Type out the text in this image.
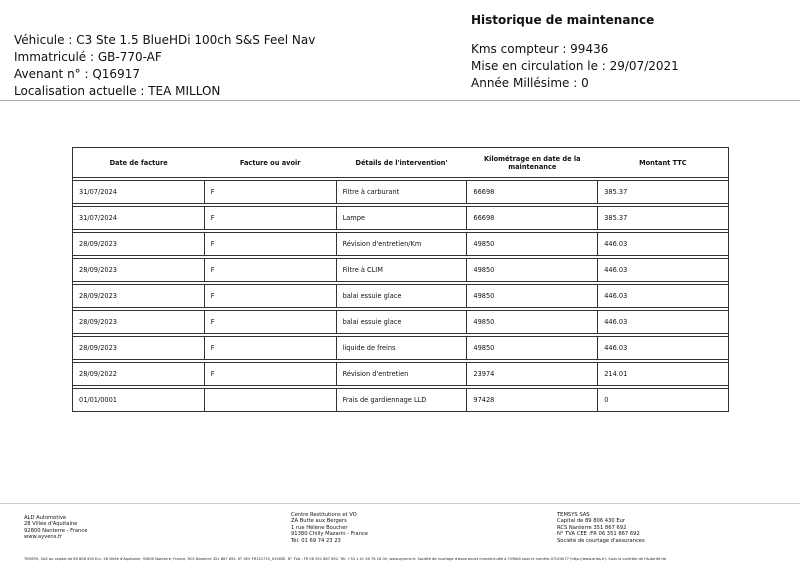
Véhicule : C3 Ste 1.5 BlueHDi 100ch S&S Feel Nav
Immatriculé : GB-770-AF
Avenant n° : Q16917
Localisation actuelle : TEA MILLON
Historique de maintenance
Kms compteur : 99436
Mise en circulation le : 29/07/2021
Année Millésime : 0
Date de facture	Facture ou avoir	Détails de l'intervention'	Kilométrage en date de la maintenance	Montant TTC

31/07/2024	F	Filtre à carburant	66698	385.37

31/07/2024	F	Lampe	66698	385.37

28/09/2023	F	Révision d'entretien/Km	49850	446.03

28/09/2023	F	Filtre à CLIM	49850	446.03

28/09/2023	F	balai essuie glace	49850	446.03

28/09/2023	F	balai essuie glace	49850	446.03

28/09/2023	F	liquide de freins	49850	446.03

28/09/2022	F	Révision d'entretien	23974	214.01

01/01/0001		Frais de gardiennage LLD	97428	0
ALD Automotive
28 Villée d'Aquitaine
92800 Nanterre - France
www.ayvens.fr
Centre Restitutions et VO
ZA Butte aux Bergers
1 rue Hélène Boucher
91380 Chilly Mazarin - France
Tél. 01 69 74 23 23
TEMSYS SAS
Capital de 89 806 430 Eur
RCS Nanterre 351 867 692
N° TVA CEE :FR 06 351 867 692
Société de courtage d'assurances
TEMSYS, SAS au capital de 89 806 430 Eur, 28 Villée d'Aquitaine, 92800 Nanterre, France, RCS Nanterre 351 867 692, N° SEV FR151725_01583E, N° TVA : FR 06 351 867 692, Tél. +33 1 41 56 76 18 00, www.ayvens.fr. Société de courtage d'assurances immatriculée à l'ORIAS sous le numéro 07024077 (http://www.orias.fr). Sous le contrôle de l'Autorité de
